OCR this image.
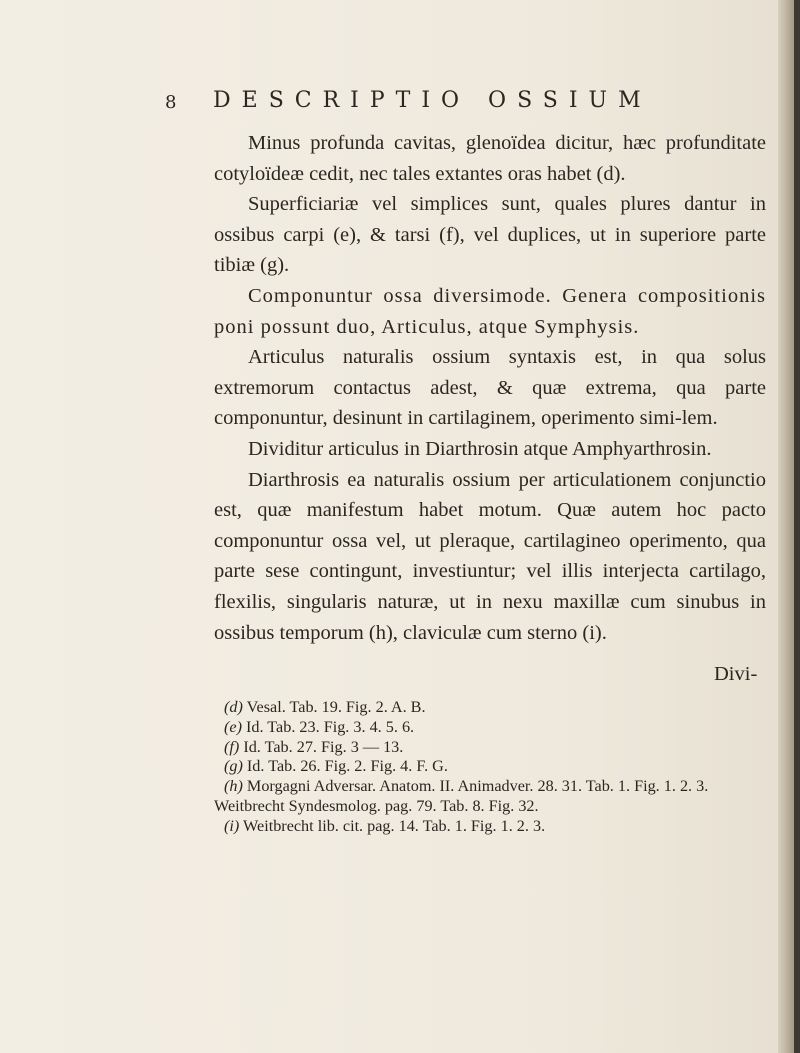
8 DESCRIPTIO OSSIUM

Minus profunda cavitas, glenoïdea dicitur, hæc profunditate cotyloïdeæ cedit, nec tales extantes oras habet (d).

Superficiariæ vel simplices sunt, quales plures dantur in ossibus carpi (e), & tarsi (f), vel duplices, ut in superiore parte tibiæ (g).

Componuntur ossa diversimode. Genera compositionis poni possunt duo, Articulus, atque Symphysis.

Articulus naturalis ossium syntaxis est, in qua solus extremorum contactus adest, & quæ extrema, qua parte componuntur, desinunt in cartilaginem, operimento simi-lem.

Dividitur articulus in Diarthrosin atque Amphyarthrosin.

Diarthrosis ea naturalis ossium per articulationem conjunctio est, quæ manifestum habet motum. Quæ autem hoc pacto componuntur ossa vel, ut pleraque, cartilagineo operimento, qua parte sese contingunt, investiuntur; vel illis interjecta cartilago, flexilis, singularis naturæ, ut in nexu maxillæ cum sinubus in ossibus temporum (h), claviculæ cum sterno (i).

Divi-
(d) Vesal. Tab. 19. Fig. 2. A. B.
(e) Id. Tab. 23. Fig. 3. 4. 5. 6.
(f) Id. Tab. 27. Fig. 3 — 13.
(g) Id. Tab. 26. Fig. 2. Fig. 4. F. G.
(h) Morgagni Adversar. Anatom. II. Animadver. 28. 31. Tab. 1. Fig. 1. 2. 3. Weitbrecht Syndesmolog. pag. 79. Tab. 8. Fig. 32.
(i) Weitbrecht lib. cit. pag. 14. Tab. 1. Fig. 1. 2. 3.
